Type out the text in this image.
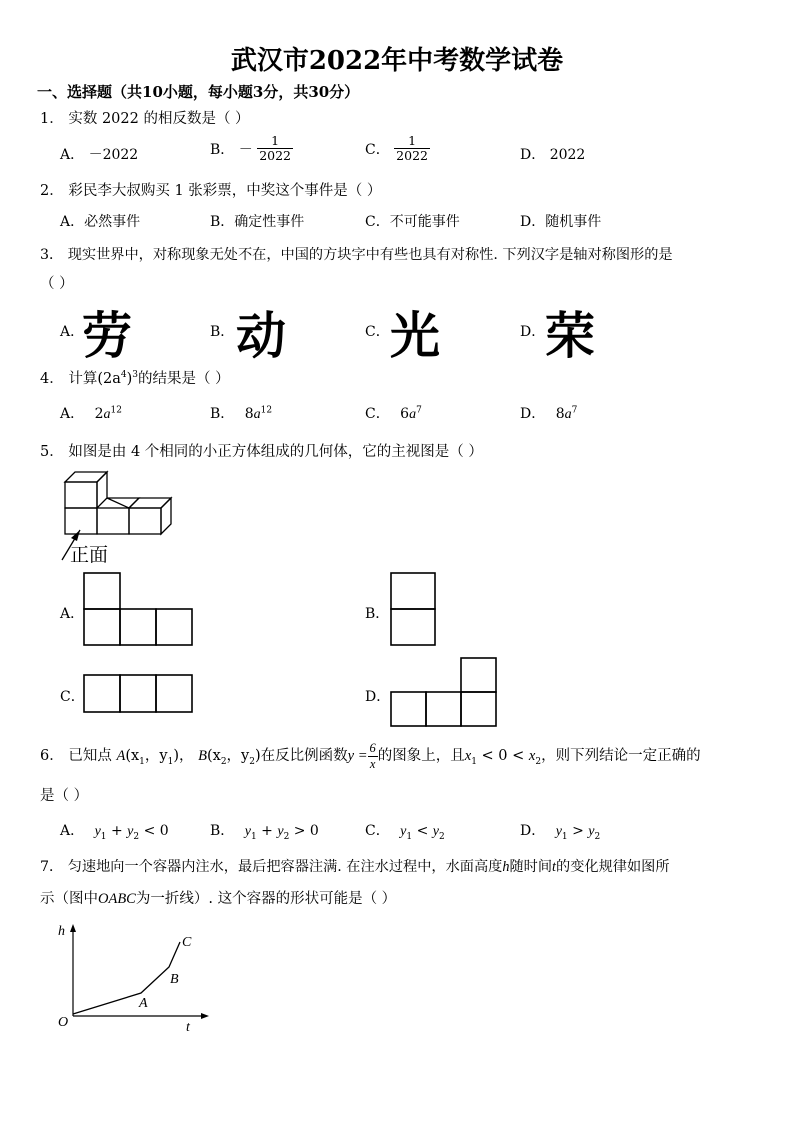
武汉市2022年中考数学试卷
一、选择题（共10小题，每小题3分，共30分）
1． 实数 2022 的相反数是（ ）
A． －2022	B． － $\frac{1}{2022}$	C． $\frac{1}{2022}$	D． 2022
2． 彩民李大叔购买 1 张彩票，中奖这个事件是（ ）
A．必然事件	B．确定性事件	C．不可能事件	D．随机事件
3． 现实世界中，对称现象无处不在，中国的方块字中有些也具有对称性. 下列汉字是轴对称图形的是
（ ）
A．
劳	B． 动	C． 光	D． 荣
4． 计算$(2a^4)^3$的结果是（ ）
A． $2a^{12}$	B． $8a^{12}$	C． $6a^7$	D． $8a^7$
5． 如图是由 4 个相同的小正方体组成的几何体，它的主视图是（ ）
正面
A．	B．
C．	D．
6． 已知点 $A(x_1$，$y_1$)， $B(x_2$，$y_2$)在反比例函数$y = \frac{6}{x}$ 的图象上，且$x_1 < 0 < x_2$，则下列结论一定正确的
是（ ）
A． $y_1 + y_2 < 0$	B． $y_1 + y_2 > 0$	C． $y_1 < y_2$	D． $y_1 > y_2$
7． 匀速地向一个容器内注水，最后把容器注满. 在注水过程中，水面高度h随时间t的变化规律如图所
示（图中OABC为一折线）. 这个容器的形状可能是（ ）
h
t
O
A
B
C
